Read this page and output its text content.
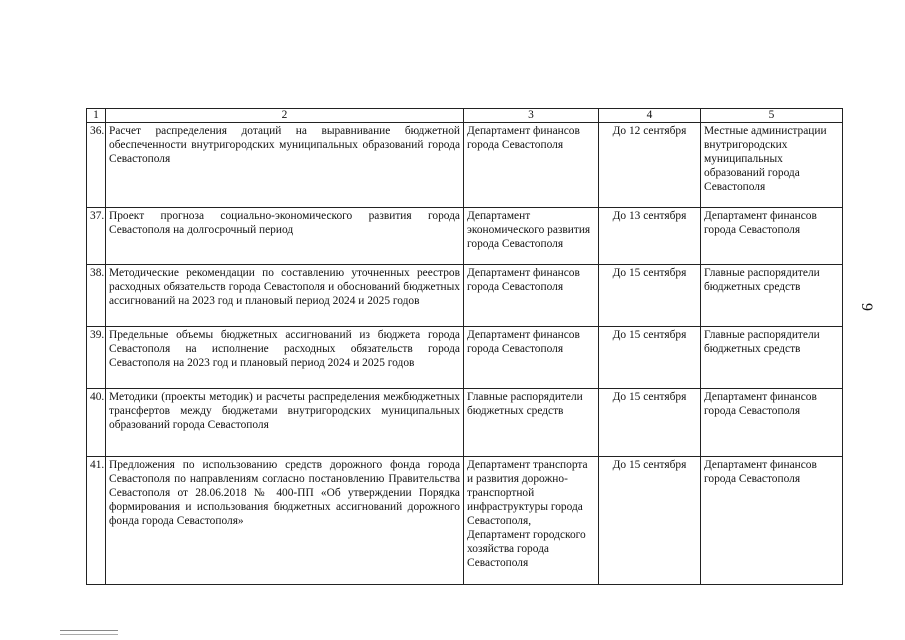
1	2	3	4	5
36.	Расчет распределения дотаций на выравнивание бюджетной обеспеченности внутригородских муниципальных образований города Севастополя	Департамент финансов города Севастополя	До 12 сентября	Местные администрации внутригородских муниципальных образований города Севастополя
37.	Проект прогноза социально-экономического развития города Севастополя на долгосрочный период	Департамент экономического развития города Севастополя	До 13 сентября	Департамент финансов города Севастополя
38.	Методические рекомендации по составлению уточненных реестров расходных обязательств города Севастополя и обоснований бюджетных ассигнований на 2023 год и плановый период 2024 и 2025 годов	Департамент финансов города Севастополя	До 15 сентября	Главные распорядители бюджетных средств
39.	Предельные объемы бюджетных ассигнований из бюджета города Севастополя на исполнение расходных обязательств города Севастополя на 2023 год и плановый период 2024 и 2025 годов	Департамент финансов города Севастополя	До 15 сентября	Главные распорядители бюджетных средств
40.	Методики (проекты методик) и расчеты распределения межбюджетных трансфертов между бюджетами внутригородских муниципальных образований города Севастополя	Главные распорядители бюджетных средств	До 15 сентября	Департамент финансов города Севастополя
41.	Предложения по использованию средств дорожного фонда города Севастополя по направлениям согласно постановлению Правительства Севастополя от 28.06.2018 № 400-ПП «Об утверждении Порядка формирования и использования бюджетных ассигнований дорожного фонда города Севастополя»	Департамент транспорта и развития дорожно-транспортной инфраструктуры города Севастополя, Департамент городского хозяйства города Севастополя	До 15 сентября	Департамент финансов города Севастополя
9
